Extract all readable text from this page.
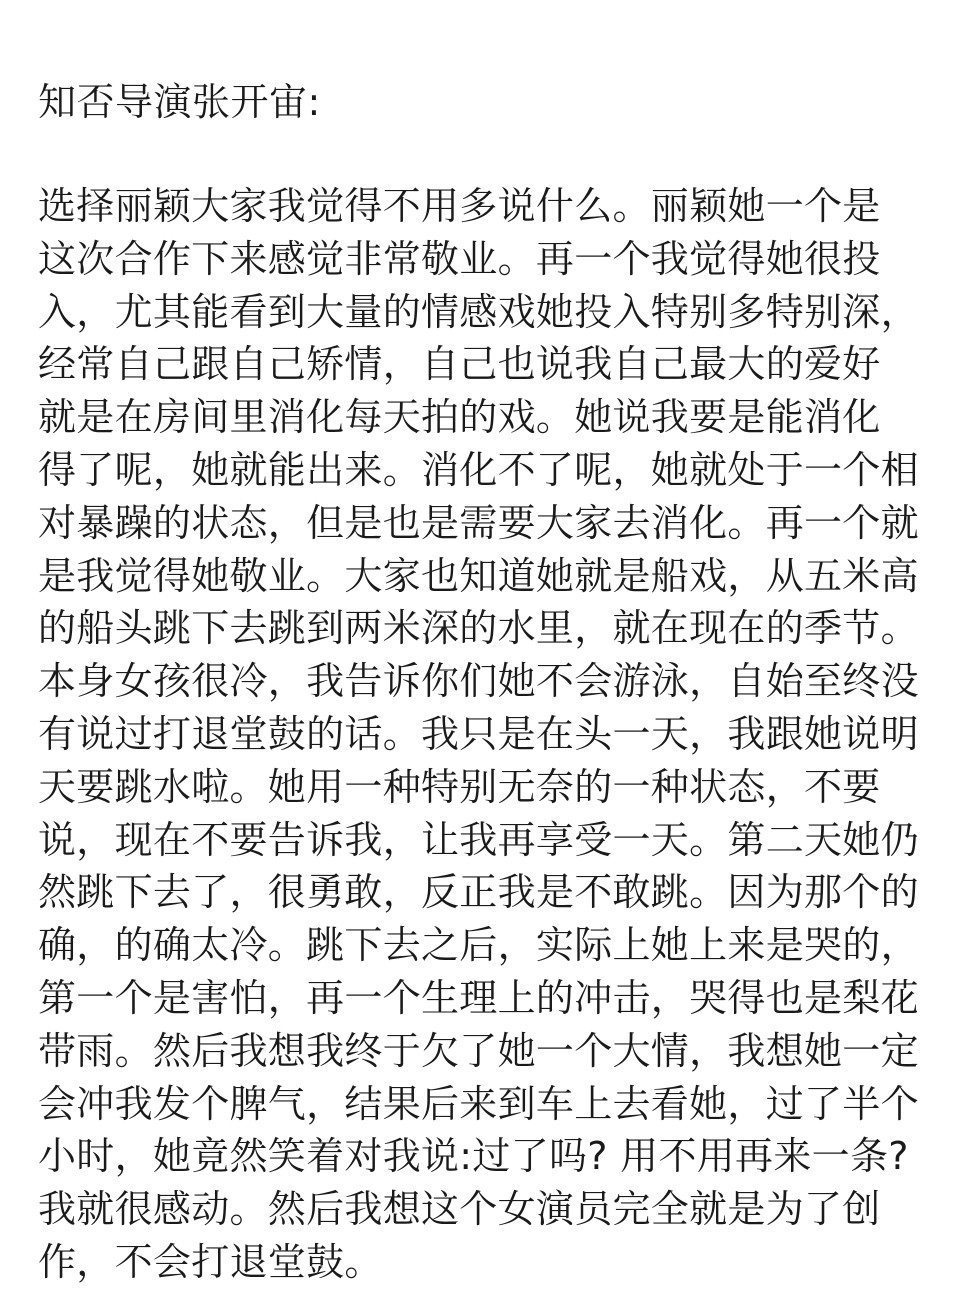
知否导演张开宙:
选择丽颖大家我觉得不用多说什么。丽颖她一个是
这次合作下来感觉非常敬业。再一个我觉得她很投
入，尤其能看到大量的情感戏她投入特别多特别深，
经常自己跟自己矫情，自己也说我自己最大的爱好
就是在房间里消化每天拍的戏。她说我要是能消化
得了呢，她就能出来。消化不了呢，她就处于一个相
对暴躁的状态，但是也是需要大家去消化。再一个就
是我觉得她敬业。大家也知道她就是船戏，从五米高
的船头跳下去跳到两米深的水里，就在现在的季节。
本身女孩很冷，我告诉你们她不会游泳，自始至终没
有说过打退堂鼓的话。我只是在头一天，我跟她说明
天要跳水啦。她用一种特别无奈的一种状态，不要
说，现在不要告诉我，让我再享受一天。第二天她仍
然跳下去了，很勇敢，反正我是不敢跳。因为那个的
确，的确太冷。跳下去之后，实际上她上来是哭的，
第一个是害怕，再一个生理上的冲击，哭得也是梨花
带雨。然后我想我终于欠了她一个大情，我想她一定
会冲我发个脾气，结果后来到车上去看她，过了半个
小时，她竟然笑着对我说:过了吗? 用不用再来一条?
我就很感动。然后我想这个女演员完全就是为了创
作，不会打退堂鼓。
